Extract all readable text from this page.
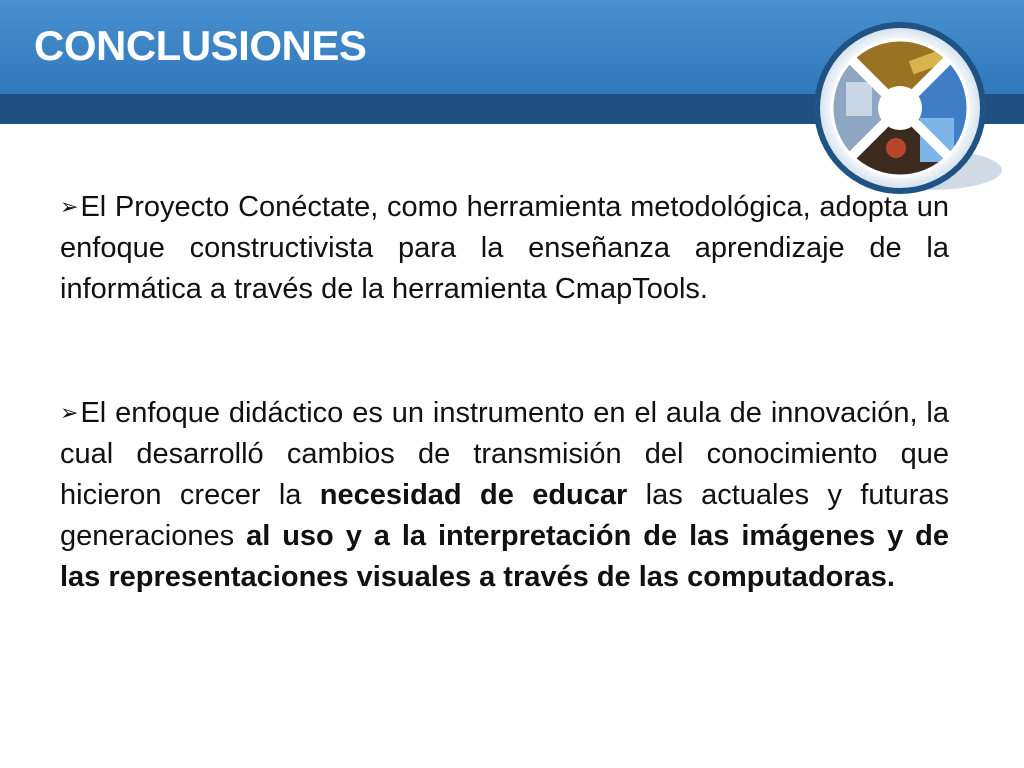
CONCLUSIONES

➢El Proyecto Conéctate, como herramienta metodológica, adopta un enfoque constructivista para la enseñanza aprendizaje de la informática a través de la herramienta CmapTools.

➢El enfoque didáctico es un instrumento en el aula de innovación, la cual desarrolló cambios de transmisión del conocimiento que hicieron crecer la necesidad de educar las actuales y futuras generaciones al uso y a la interpretación de las imágenes y de las representaciones visuales a través de las computadoras.
